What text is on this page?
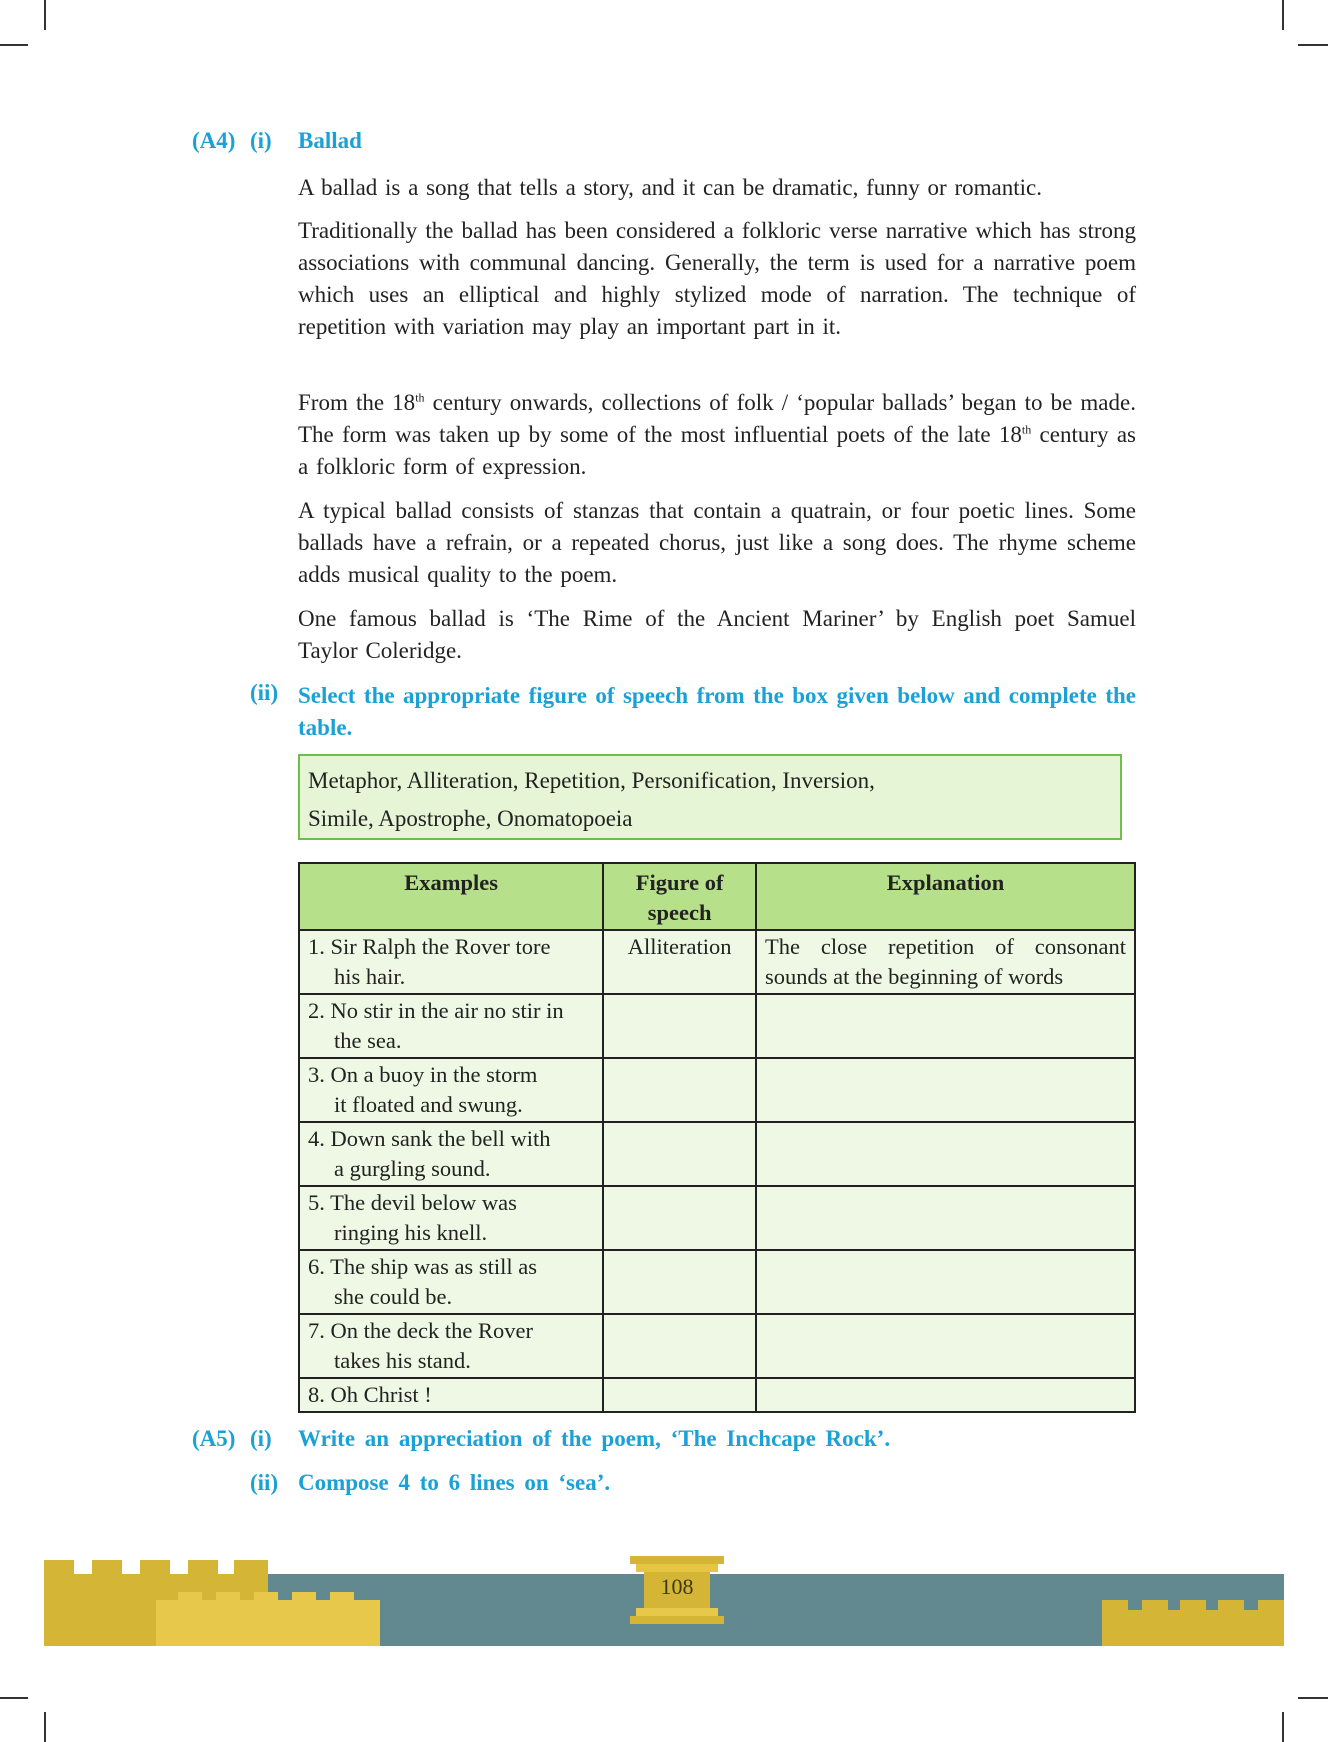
(A4) (i) Ballad

A ballad is a song that tells a story, and it can be dramatic, funny or romantic.

Traditionally the ballad has been considered a folkloric verse narrative which has strong associations with communal dancing. Generally, the term is used for a narrative poem which uses an elliptical and highly stylized mode of narration. The technique of repetition with variation may play an important part in it.

From the 18th century onwards, collections of folk / ‘popular ballads’ began to be made. The form was taken up by some of the most influential poets of the late 18th century as a folkloric form of expression.

A typical ballad consists of stanzas that contain a quatrain, or four poetic lines. Some ballads have a refrain, or a repeated chorus, just like a song does. The rhyme scheme adds musical quality to the poem.

One famous ballad is ‘The Rime of the Ancient Mariner’ by English poet Samuel Taylor Coleridge.

(ii) Select the appropriate figure of speech from the box given below and complete the table.

Metaphor, Alliteration, Repetition, Personification, Inversion,
Simile, Apostrophe, Onomatopoeia
Examples	Figure of speech	Explanation
1. Sir Ralph the Rover tore
his hair.	Alliteration	The close repetition of consonant sounds at the beginning of words
2. No stir in the air no stir in
the sea.		

3. On a buoy in the storm
it floated and swung.		

4. Down sank the bell with
a gurgling sound.		

5. The devil below was
ringing his knell.		

6. The ship was as still as
she could be.		

7. On the deck the Rover
takes his stand.		

8. Oh Christ !		
(A5) (i) Write an appreciation of the poem, ‘The Inchcape Rock’.
(ii) Compose 4 to 6 lines on ‘sea’.
108
